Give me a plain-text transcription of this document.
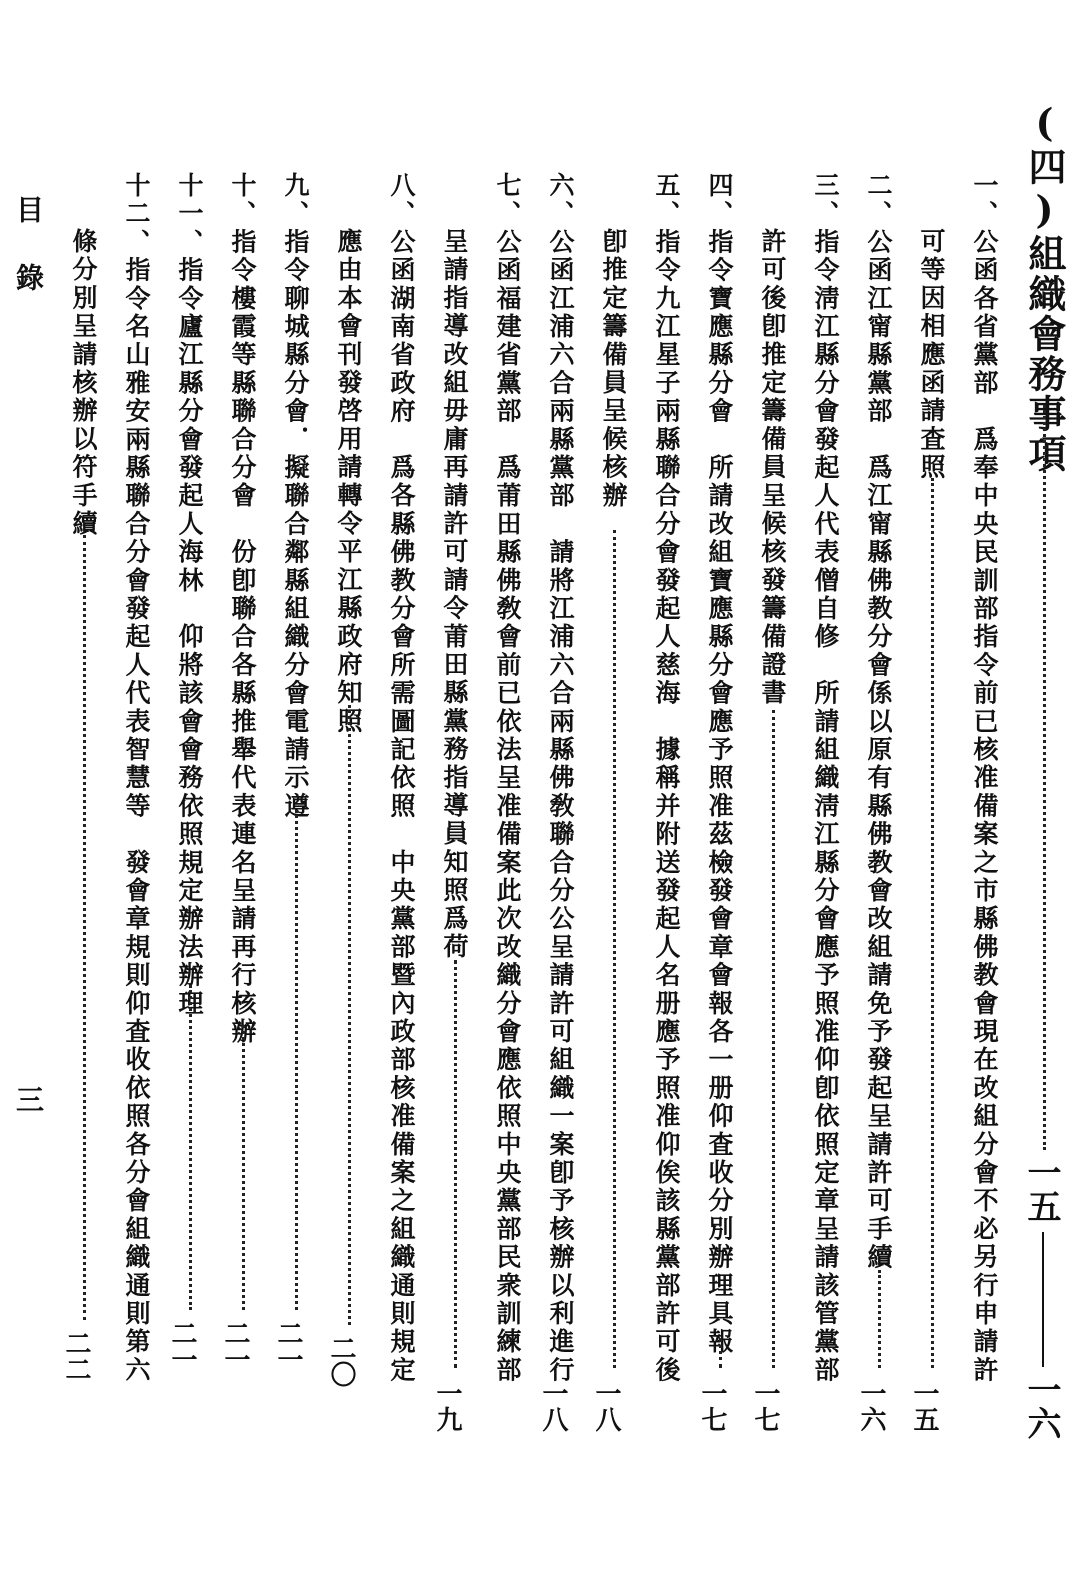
(四)組織會務事項
一五
一六
一、公函各省黨部　爲奉中央民訓部指令前已核准備案之市縣佛教會現在改組分會不必另行申請許
可等因相應函請査照
一五
二、公函江甯縣黨部　爲江甯縣佛教分會係以原有縣佛教會改組請免予發起呈請許可手續
一六
三、指令淸江縣分會發起人代表僧自修　所請組織淸江縣分會應予照准仰卽依照定章呈請該管黨部
許可後卽推定籌備員呈候核發籌備證書
一七
四、指令寶應縣分會　所請改組寶應縣分會應予照准茲檢發會章會報各一册仰査收分別辦理具報
一七
五、指令九江星子兩縣聯合分會發起人慈海　據稱并附送發起人名册應予照准仰俟該縣黨部許可後
卽推定籌備員呈候核辦
一八
六、公函江浦六合兩縣黨部　請將江浦六合兩縣佛敎聯合分公呈請許可組織一案卽予核辦以利進行
一八
七、公函福建省黨部　爲莆田縣佛敎會前已依法呈准備案此次改織分會應依照中央黨部民衆訓練部
呈請指導改組毋庸再請許可請令莆田縣黨務指導員知照爲荷
一九
八、公函湖南省政府　爲各縣佛教分會所需圖記依照　中央黨部暨內政部核准備案之組織通則規定
應由本會刊發啓用請轉令平江縣政府知照
二〇
九、指令聊城縣分會．擬聯合鄰縣組織分會電請示遵
二一
十、指令樓霞等縣聯合分會　份卽聯合各縣推舉代表連名呈請再行核辦
二一
十一、指令廬江縣分會發起人海林　仰將該會會務依照規定辦法辦理
二一
十二、指令名山雅安兩縣聯合分會發起人代表智慧等　發會章規則仰査收依照各分會組織通則第六
條分別呈請核辦以符手續
二二
目　錄
三
